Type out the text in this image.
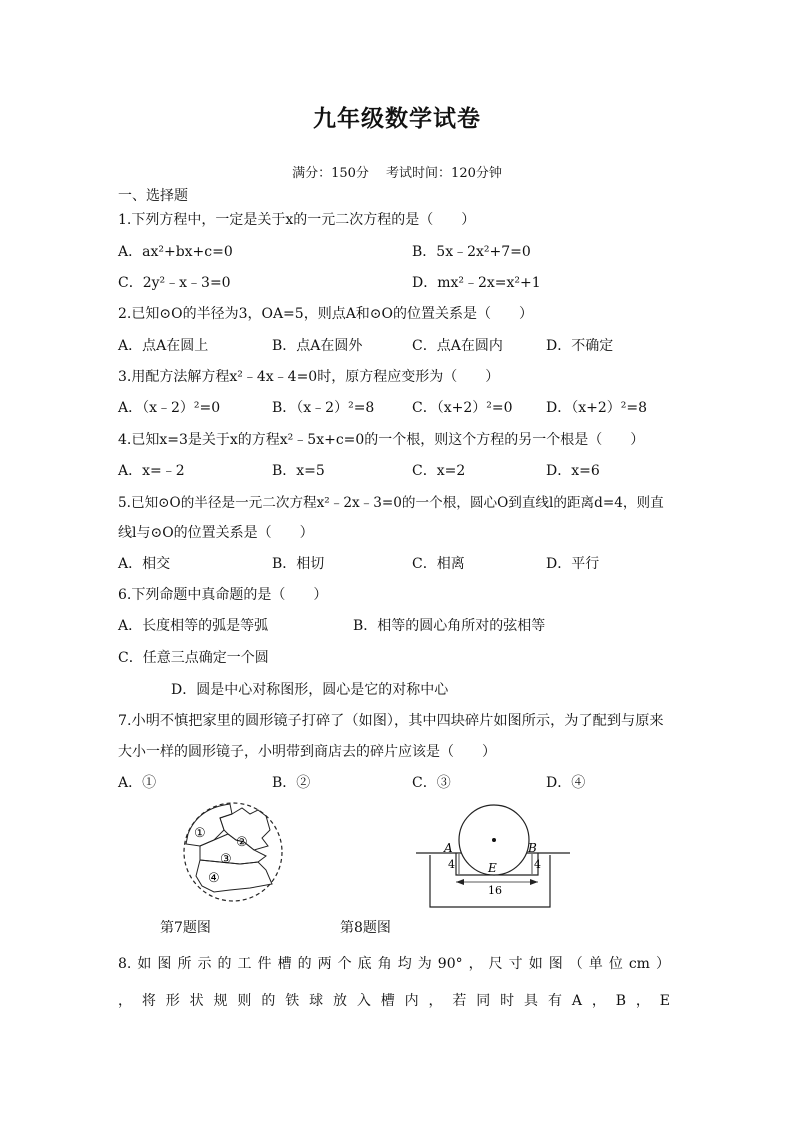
九年级数学试卷
满分：150分　 考试时间：120分钟
一、选择题
1.下列方程中，一定是关于x的一元二次方程的是（　　）
A．ax²+bx+c=0	B．5x﹣2x²+7=0
C．2y²﹣x﹣3=0	D．mx²﹣2x=x²+1
2.已知⊙O的半径为3，OA=5，则点A和⊙O的位置关系是（　　）
A．点A在圆上	B．点A在圆外	C．点A在圆内	D．不确定
3.用配方法解方程x²﹣4x﹣4=0时，原方程应变形为（　　）
A．（x﹣2）²=0	B．（x﹣2）²=8	C．（x+2）²=0 D．（x+2）²=8
4.已知x=3是关于x的方程x²﹣5x+c=0的一个根，则这个方程的另一个根是（　　）
A．x=﹣2	B．x=5	C．x=2	D．x=6
5.已知⊙O的半径是一元二次方程x²﹣2x﹣3=0的一个根，圆心O到直线l的距离d=4，则直
线l与⊙O的位置关系是（　　）
A．相交	B．相切	C．相离	D．平行
6.下列命题中真命题的是（　　）
A．长度相等的弧是等弧	B．相等的圆心角所对的弦相等
C．任意三点确定一个圆
D．圆是中心对称图形，圆心是它的对称中心
7.小明不慎把家里的圆形镜子打碎了（如图），其中四块碎片如图所示，为了配到与原来
大小一样的圆形镜子，小明带到商店去的碎片应该是（　　）
A．①	B．②	C．③	D．④
①
②
③
④
A	B
E
4	4
16
第7题图	第8题图
8.如图所示的工件槽的两个底角均为90°，尺寸如图（单位cm）
，将形状规则的铁球放入槽内，若同时具有A，B，E
